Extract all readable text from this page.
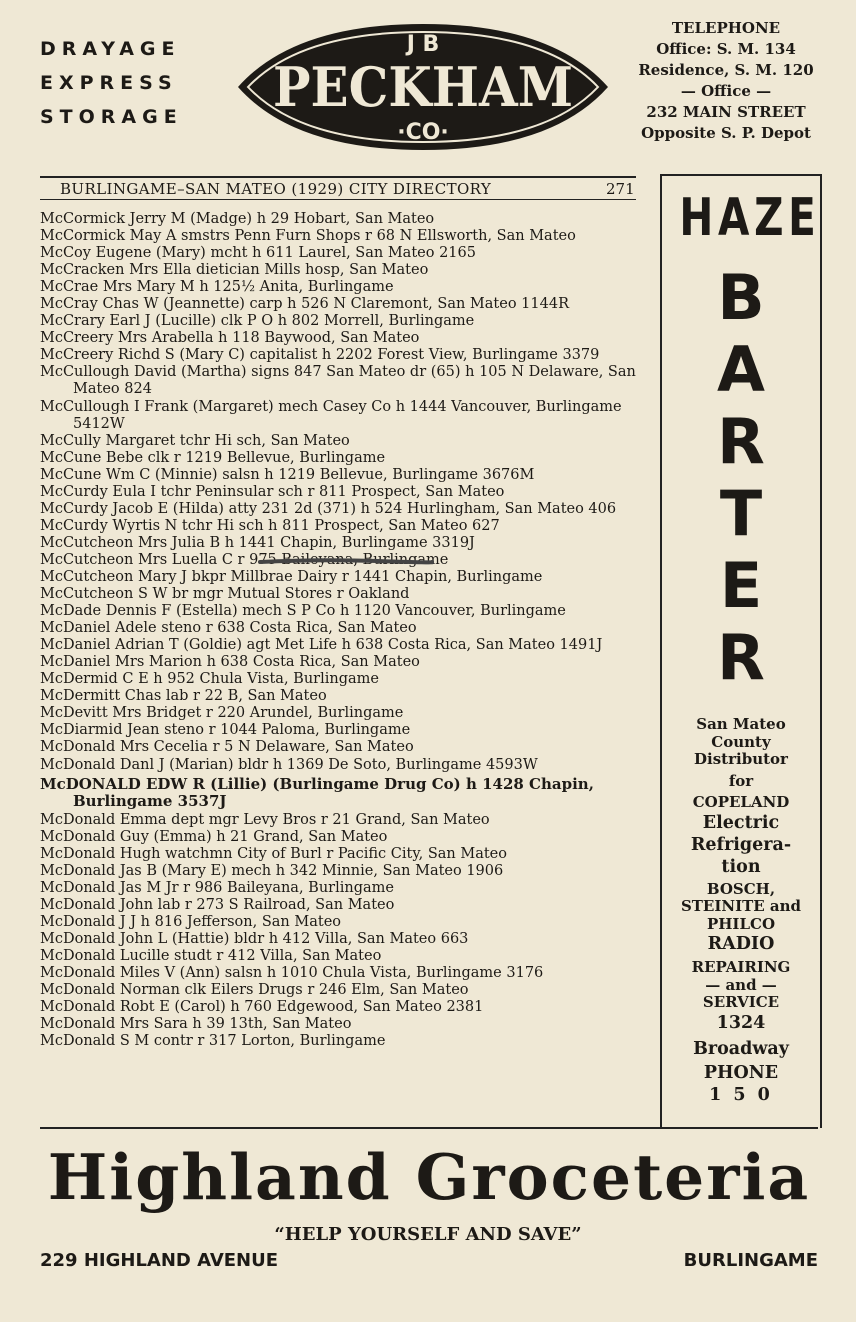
DRAYAGE
EXPRESS
STORAGE
J B
PECKHAM
·CO·
TELEPHONE
Office: S. M. 134
Residence, S. M. 120
— Office —
232 MAIN STREET
Opposite S. P. Depot
BURLINGAME–SAN MATEO (1929) CITY DIRECTORY	271
McCormick Jerry M (Madge) h 29 Hobart, San Mateo
McCormick May A smstrs Penn Furn Shops r 68 N Ellsworth, San Mateo
McCoy Eugene (Mary) mcht h 611 Laurel, San Mateo 2165
McCracken Mrs Ella dietician Mills hosp, San Mateo
McCrae Mrs Mary M h 125½ Anita, Burlingame
McCray Chas W (Jeannette) carp h 526 N Claremont, San Mateo 1144R
McCrary Earl J (Lucille) clk P O h 802 Morrell, Burlingame
McCreery Mrs Arabella h 118 Baywood, San Mateo
McCreery Richd S (Mary C) capitalist h 2202 Forest View, Burlingame 3379
McCullough David (Martha) signs 847 San Mateo dr (65) h 105 N Delaware, San Mateo 824
McCullough I Frank (Margaret) mech Casey Co h 1444 Vancouver, Burlingame 5412W
McCully Margaret tchr Hi sch, San Mateo
McCune Bebe clk r 1219 Bellevue, Burlingame
McCune Wm C (Minnie) salsn h 1219 Bellevue, Burlingame 3676M
McCurdy Eula I tchr Peninsular sch r 811 Prospect, San Mateo
McCurdy Jacob E (Hilda) atty 231 2d (371) h 524 Hurlingham, San Mateo 406
McCurdy Wyrtis N tchr Hi sch h 811 Prospect, San Mateo 627
McCutcheon Mrs Julia B h 1441 Chapin, Burlingame 3319J
McCutcheon Mrs Luella C r 975 Baileyana, Burlingame
McCutcheon Mary J bkpr Millbrae Dairy r 1441 Chapin, Burlingame
McCutcheon S W br mgr Mutual Stores r Oakland
McDade Dennis F (Estella) mech S P Co h 1120 Vancouver, Burlingame
McDaniel Adele steno r 638 Costa Rica, San Mateo
McDaniel Adrian T (Goldie) agt Met Life h 638 Costa Rica, San Mateo 1491J
McDaniel Mrs Marion h 638 Costa Rica, San Mateo
McDermid C E h 952 Chula Vista, Burlingame
McDermitt Chas lab r 22 B, San Mateo
McDevitt Mrs Bridget r 220 Arundel, Burlingame
McDiarmid Jean steno r 1044 Paloma, Burlingame
McDonald Mrs Cecelia r 5 N Delaware, San Mateo
McDonald Danl J (Marian) bldr h 1369 De Soto, Burlingame 4593W
McDONALD EDW R (Lillie) (Burlingame Drug Co) h 1428 Chapin, Burlingame 3537J
McDonald Emma dept mgr Levy Bros r 21 Grand, San Mateo
McDonald Guy (Emma) h 21 Grand, San Mateo
McDonald Hugh watchmn City of Burl r Pacific City, San Mateo
McDonald Jas B (Mary E) mech h 342 Minnie, San Mateo 1906
McDonald Jas M Jr r 986 Baileyana, Burlingame
McDonald John lab r 273 S Railroad, San Mateo
McDonald J J h 816 Jefferson, San Mateo
McDonald John L (Hattie) bldr h 412 Villa, San Mateo 663
McDonald Lucille studt r 412 Villa, San Mateo
McDonald Miles V (Ann) salsn h 1010 Chula Vista, Burlingame 3176
McDonald Norman clk Eilers Drugs r 246 Elm, San Mateo
McDonald Robt E (Carol) h 760 Edgewood, San Mateo 2381
McDonald Mrs Sara h 39 13th, San Mateo
McDonald S M contr r 317 Lorton, Burlingame
HAZE
B
A
R
T
E
R
San Mateo
County
Distributor
for
COPELAND
Electric
Refrigera-
tion
BOSCH,
STEINITE and
PHILCO
RADIO
REPAIRING
— and —
SERVICE
1324
Broadway
PHONE
1 5 0
Highland Groceteria
“HELP YOURSELF AND SAVE”
229 HIGHLAND AVENUE	BURLINGAME
